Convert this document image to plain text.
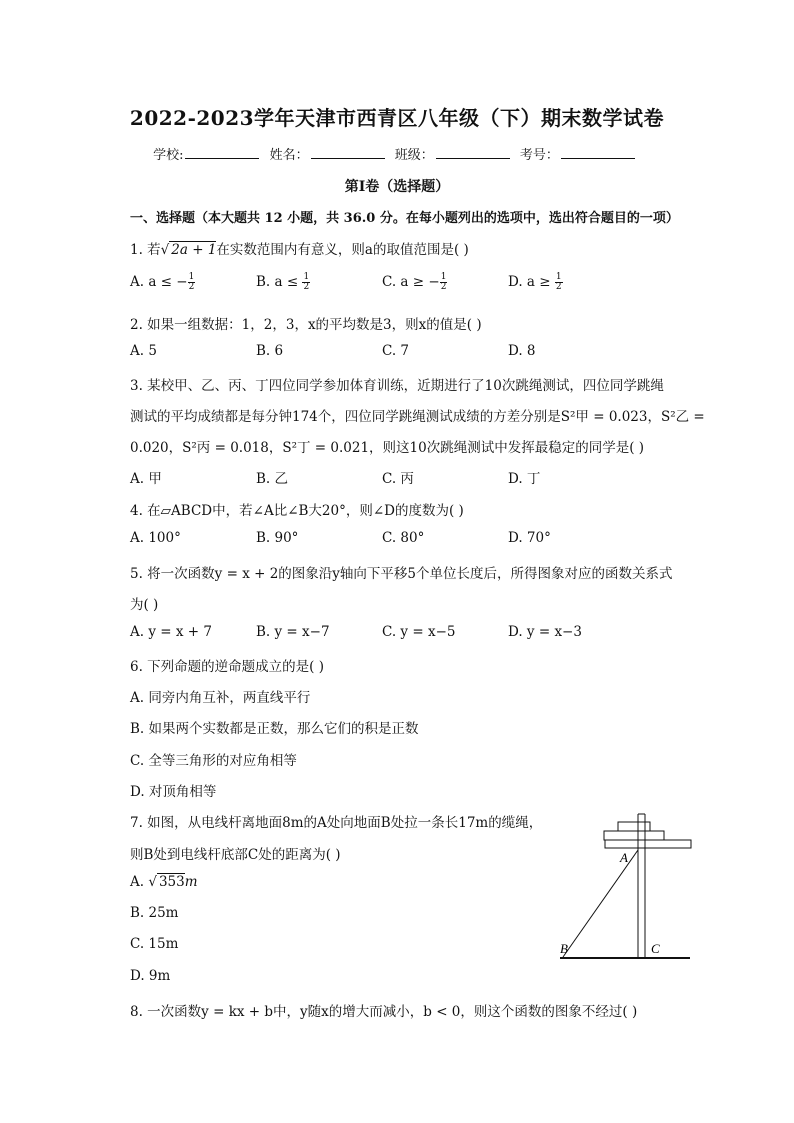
2022-2023学年天津市西青区八年级（下）期末数学试卷
学校:	姓名：	班级：	考号：
第Ⅰ卷（选择题）
一、选择题（本大题共 12 小题，共 36.0 分。在每小题列出的选项中，选出符合题目的一项）
1. 若√ 2a + 1在实数范围内有意义，则a的取值范围是( )
A. a ≤ − $\frac{1}{2}$	B. $a \le \frac{1}{2}$	C. a ≥ − $\frac{1}{2}$	D. $a \ge \frac{1}{2}$
2. 如果一组数据：1，2，3，x的平均数是3，则x的值是( )
A. 5	B. 6	C. 7	D. 8
3. 某校甲、乙、丙、丁四位同学参加体育训练，近期进行了10次跳绳测试，四位同学跳绳
测试的平均成绩都是每分钟174个，四位同学跳绳测试成绩的方差分别是S²甲 = 0.023，S²乙 =
0.020，S²丙 = 0.018，S²丁 = 0.021，则这10次跳绳测试中发挥最稳定的同学是( )
A. 甲	B. 乙	C. 丙	D. 丁
4. 在▱ABCD中，若∠A比∠B大20°，则∠D的度数为( )
A. 100°	B. 90°	C. 80°	D. 70°
5. 将一次函数y = x + 2的图象沿y轴向下平移5个单位长度后，所得图象对应的函数关系式
为( )
A. y = x + 7	B. y = x−7	C. y = x−5	D. y = x−3
6. 下列命题的逆命题成立的是( )
A. 同旁内角互补，两直线平行
B. 如果两个实数都是正数，那么它们的积是正数
C. 全等三角形的对应角相等
D. 对顶角相等
7. 如图，从电线杆离地面8m的A处向地面B处拉一条长17m的缆绳，
则B处到电线杆底部C处的距离为( )
A. √ 353m
B. 25m
C. 15m
D. 9m
A
B	C
8. 一次函数y = kx + b中，y随x的增大而减小，b < 0，则这个函数的图象不经过( )
